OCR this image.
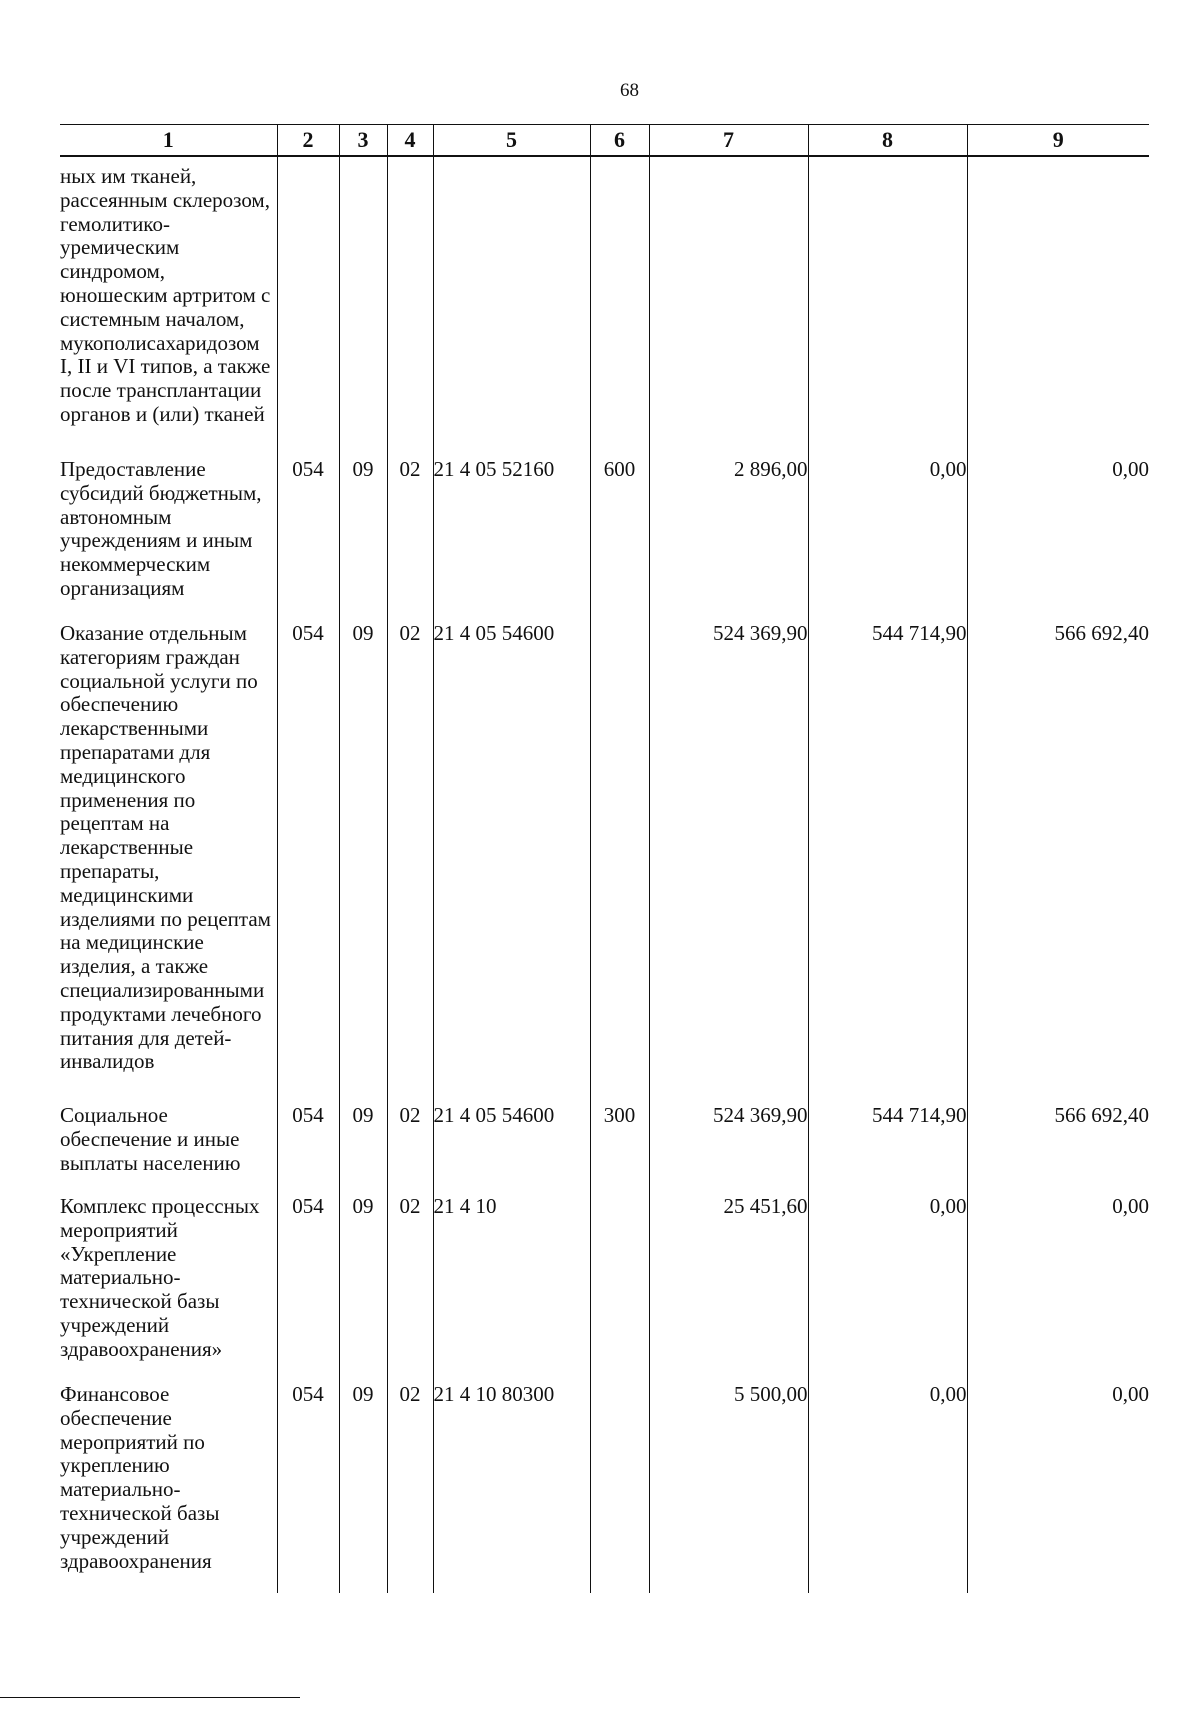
68
1	2	3	4	5	6	7	8	9
ных им тканей, рассеянным склерозом, гемолитико-уремическим синдромом, юношеским артритом с системным началом, мукополисахаридозом I, II и VI типов, а также после трансплантации органов и (или) тканей								
Предоставление субсидий бюджетным, автономным учреждениям и иным некоммерческим организациям	054	09	02	21 4 05 52160	600	2 896,00	0,00	0,00
Оказание отдельным категориям граждан социальной услуги по обеспечению лекарственными препаратами для медицинского применения по рецептам на лекарственные препараты, медицинскими изделиями по рецептам на медицинские изделия, а также специализированными продуктами лечебного питания для детей-инвалидов	054	09	02	21 4 05 54600		524 369,90	544 714,90	566 692,40
Социальное обеспечение и иные выплаты населению	054	09	02	21 4 05 54600	300	524 369,90	544 714,90	566 692,40
Комплекс процессных мероприятий «Укрепление материально-технической базы учреждений здравоохранения»	054	09	02	21 4 10		25 451,60	0,00	0,00
Финансовое обеспечение мероприятий по укреплению материально-технической базы учреждений здравоохранения	054	09	02	21 4 10 80300		5 500,00	0,00	0,00
